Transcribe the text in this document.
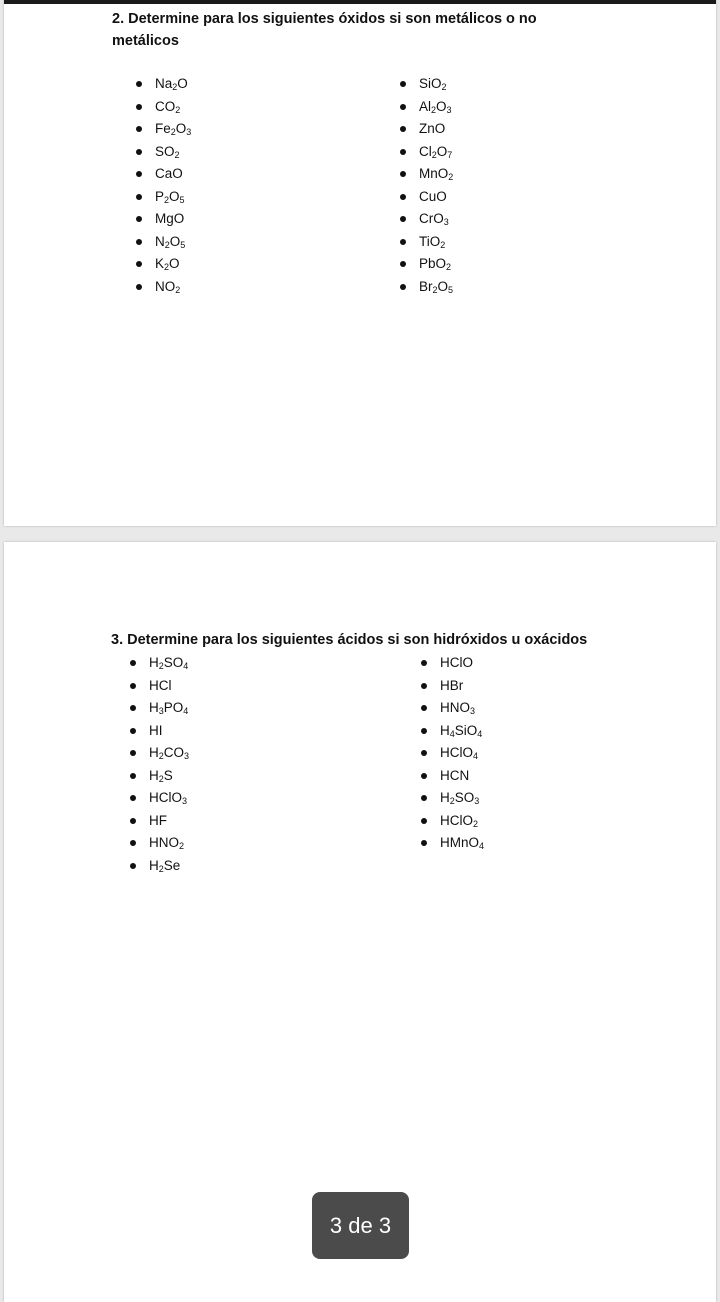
2. Determine para los siguientes óxidos si son metálicos o no metálicos

$Na_2O$
$CO_2$
$Fe_2O_3$
$SO_2$
CaO
$P_2O_5$
MgO
$N_2O_5$
$K_2O$
$NO_2$
SiO$_2$
$Al_2O_3$
ZnO
$Cl_2O_7$
MnO$_2$
CuO
CrO$_3$
TiO$_2$
PbO$_2$
$Br_2O_5$

3. Determine para los siguientes ácidos si son hidróxidos u oxácidos

$H_2SO_4$
HCl
$H_3PO_4$
HI
$H_2CO_3$
$H_2S$
HClO$_3$
HF
$HNO_2$
$H_2Se$
HClO
HBr
$HNO_3$
$H_4SiO_4$
HClO$_4$
HCN
$H_2SO_3$
HClO$_2$
HMnO$_4$
3 de 3
